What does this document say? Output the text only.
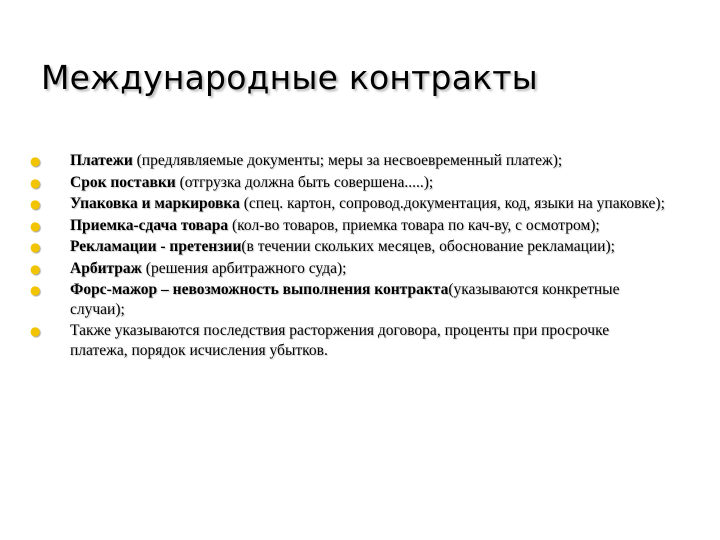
Международные контракты
● Платежи (предлявляемые документы; меры за несвоевременный платеж);
● Срок поставки (отгрузка должна быть совершена.....);
● Упаковка и маркировка (спец. картон, сопровод.документация, код, языки на упаковке);
● Приемка-сдача товара (кол-во товаров, приемка товара по кач-ву, с осмотром);
● Рекламации - претензии(в течении скольких месяцев, обоснование рекламации);
● Арбитраж (решения арбитражного суда);
● Форс-мажор – невозможность выполнения контракта(указываются конкретные случаи);
● Также указываются последствия расторжения договора, проценты при просрочке платежа, порядок исчисления убытков.
